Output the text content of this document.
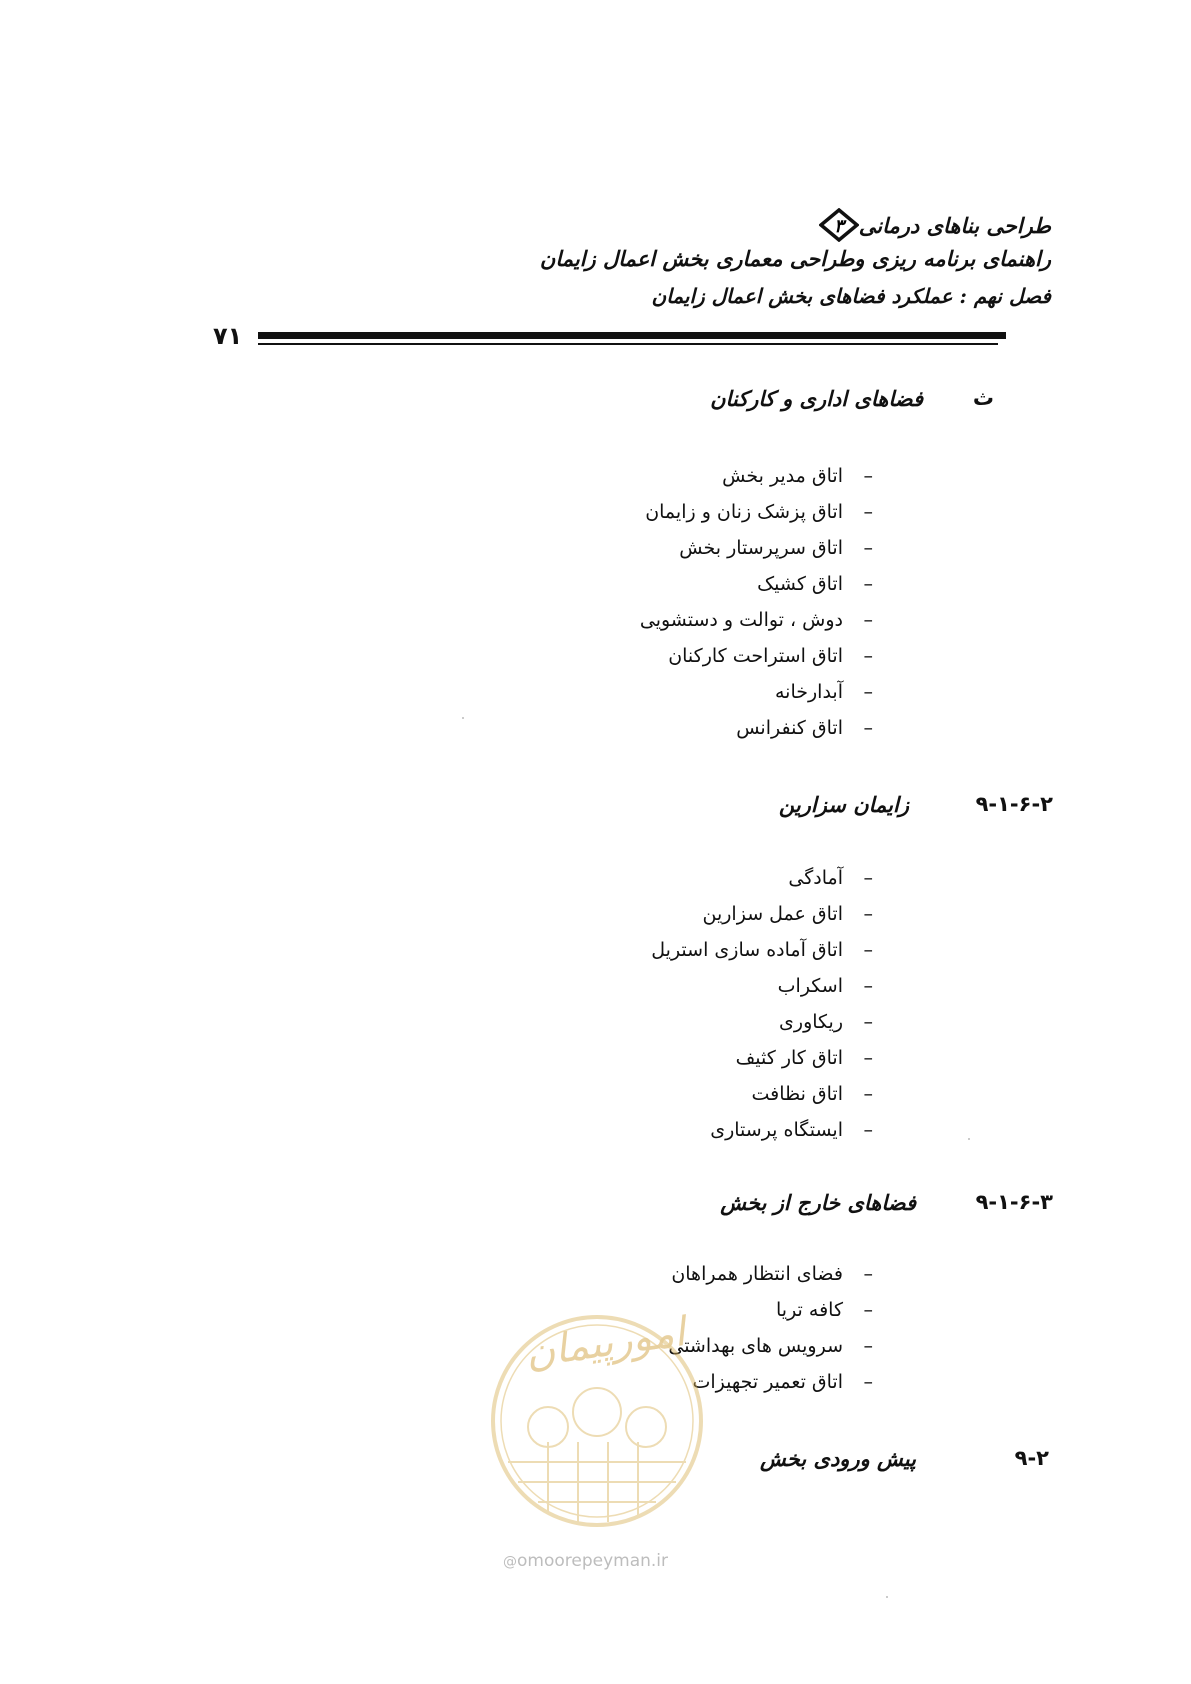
طراحی بناهای درمانی
۳
راهنمای برنامه ریزی وطراحی معماری بخش اعمال زایمان
فصل نهم : عملکرد فضاهای بخش اعمال زایمان
۷۱
ث
فضاهای اداری و کارکنان
–
اتاق مدیر بخش
–
اتاق پزشک زنان و زایمان
–
اتاق سرپرستار بخش
–
اتاق کشیک
–
دوش ، توالت و دستشویی
–
اتاق استراحت کارکنان
–
آبدارخانه
–
اتاق کنفرانس
۹-۱-۶-۲
زایمان سزارین
–
آمادگی
–
اتاق عمل سزارین
–
اتاق آماده سازی استریل
–
اسکراب
–
ریکاوری
–
اتاق کار کثیف
–
اتاق نظافت
–
ایستگاه پرستاری
۹-۱-۶-۳
فضاهای خارج از بخش
–
فضای انتظار همراهان
–
کافه تریا
–
سرویس های بهداشتی
–
اتاق تعمیر تجهیزات
۹-۲
پیش ورودی بخش
امورپیمان
@omoorepeyman.ir
